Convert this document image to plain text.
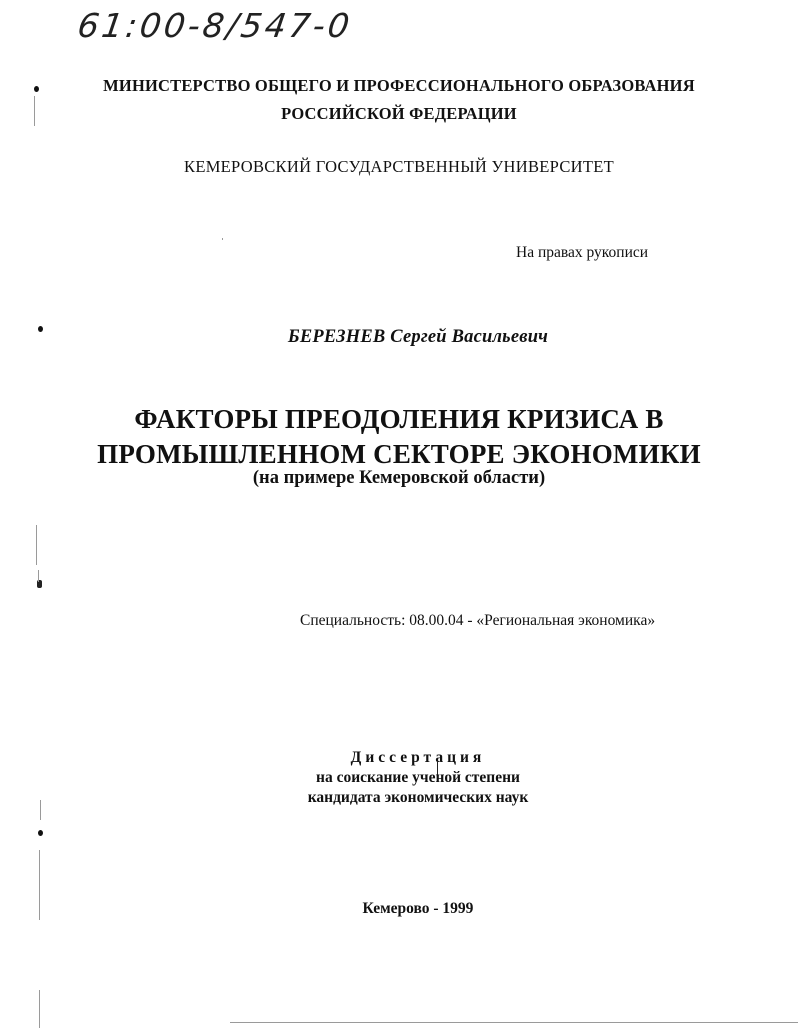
61:00-8/547-0
МИНИСТЕРСТВО ОБЩЕГО И ПРОФЕССИОНАЛЬНОГО ОБРАЗОВАНИЯ
РОССИЙСКОЙ ФЕДЕРАЦИИ
КЕМЕРОВСКИЙ ГОСУДАРСТВЕННЫЙ УНИВЕРСИТЕТ
На правах рукописи
БЕРЕЗНЕВ Сергей Васильевич
ФАКТОРЫ ПРЕОДОЛЕНИЯ КРИЗИСА В
ПРОМЫШЛЕННОМ СЕКТОРЕ ЭКОНОМИКИ
(на примере Кемеровской области)
Специальность: 08.00.04 - «Региональная экономика»
Диссертация
на соискание ученой степени
кандидата экономических наук
Кемерово - 1999
